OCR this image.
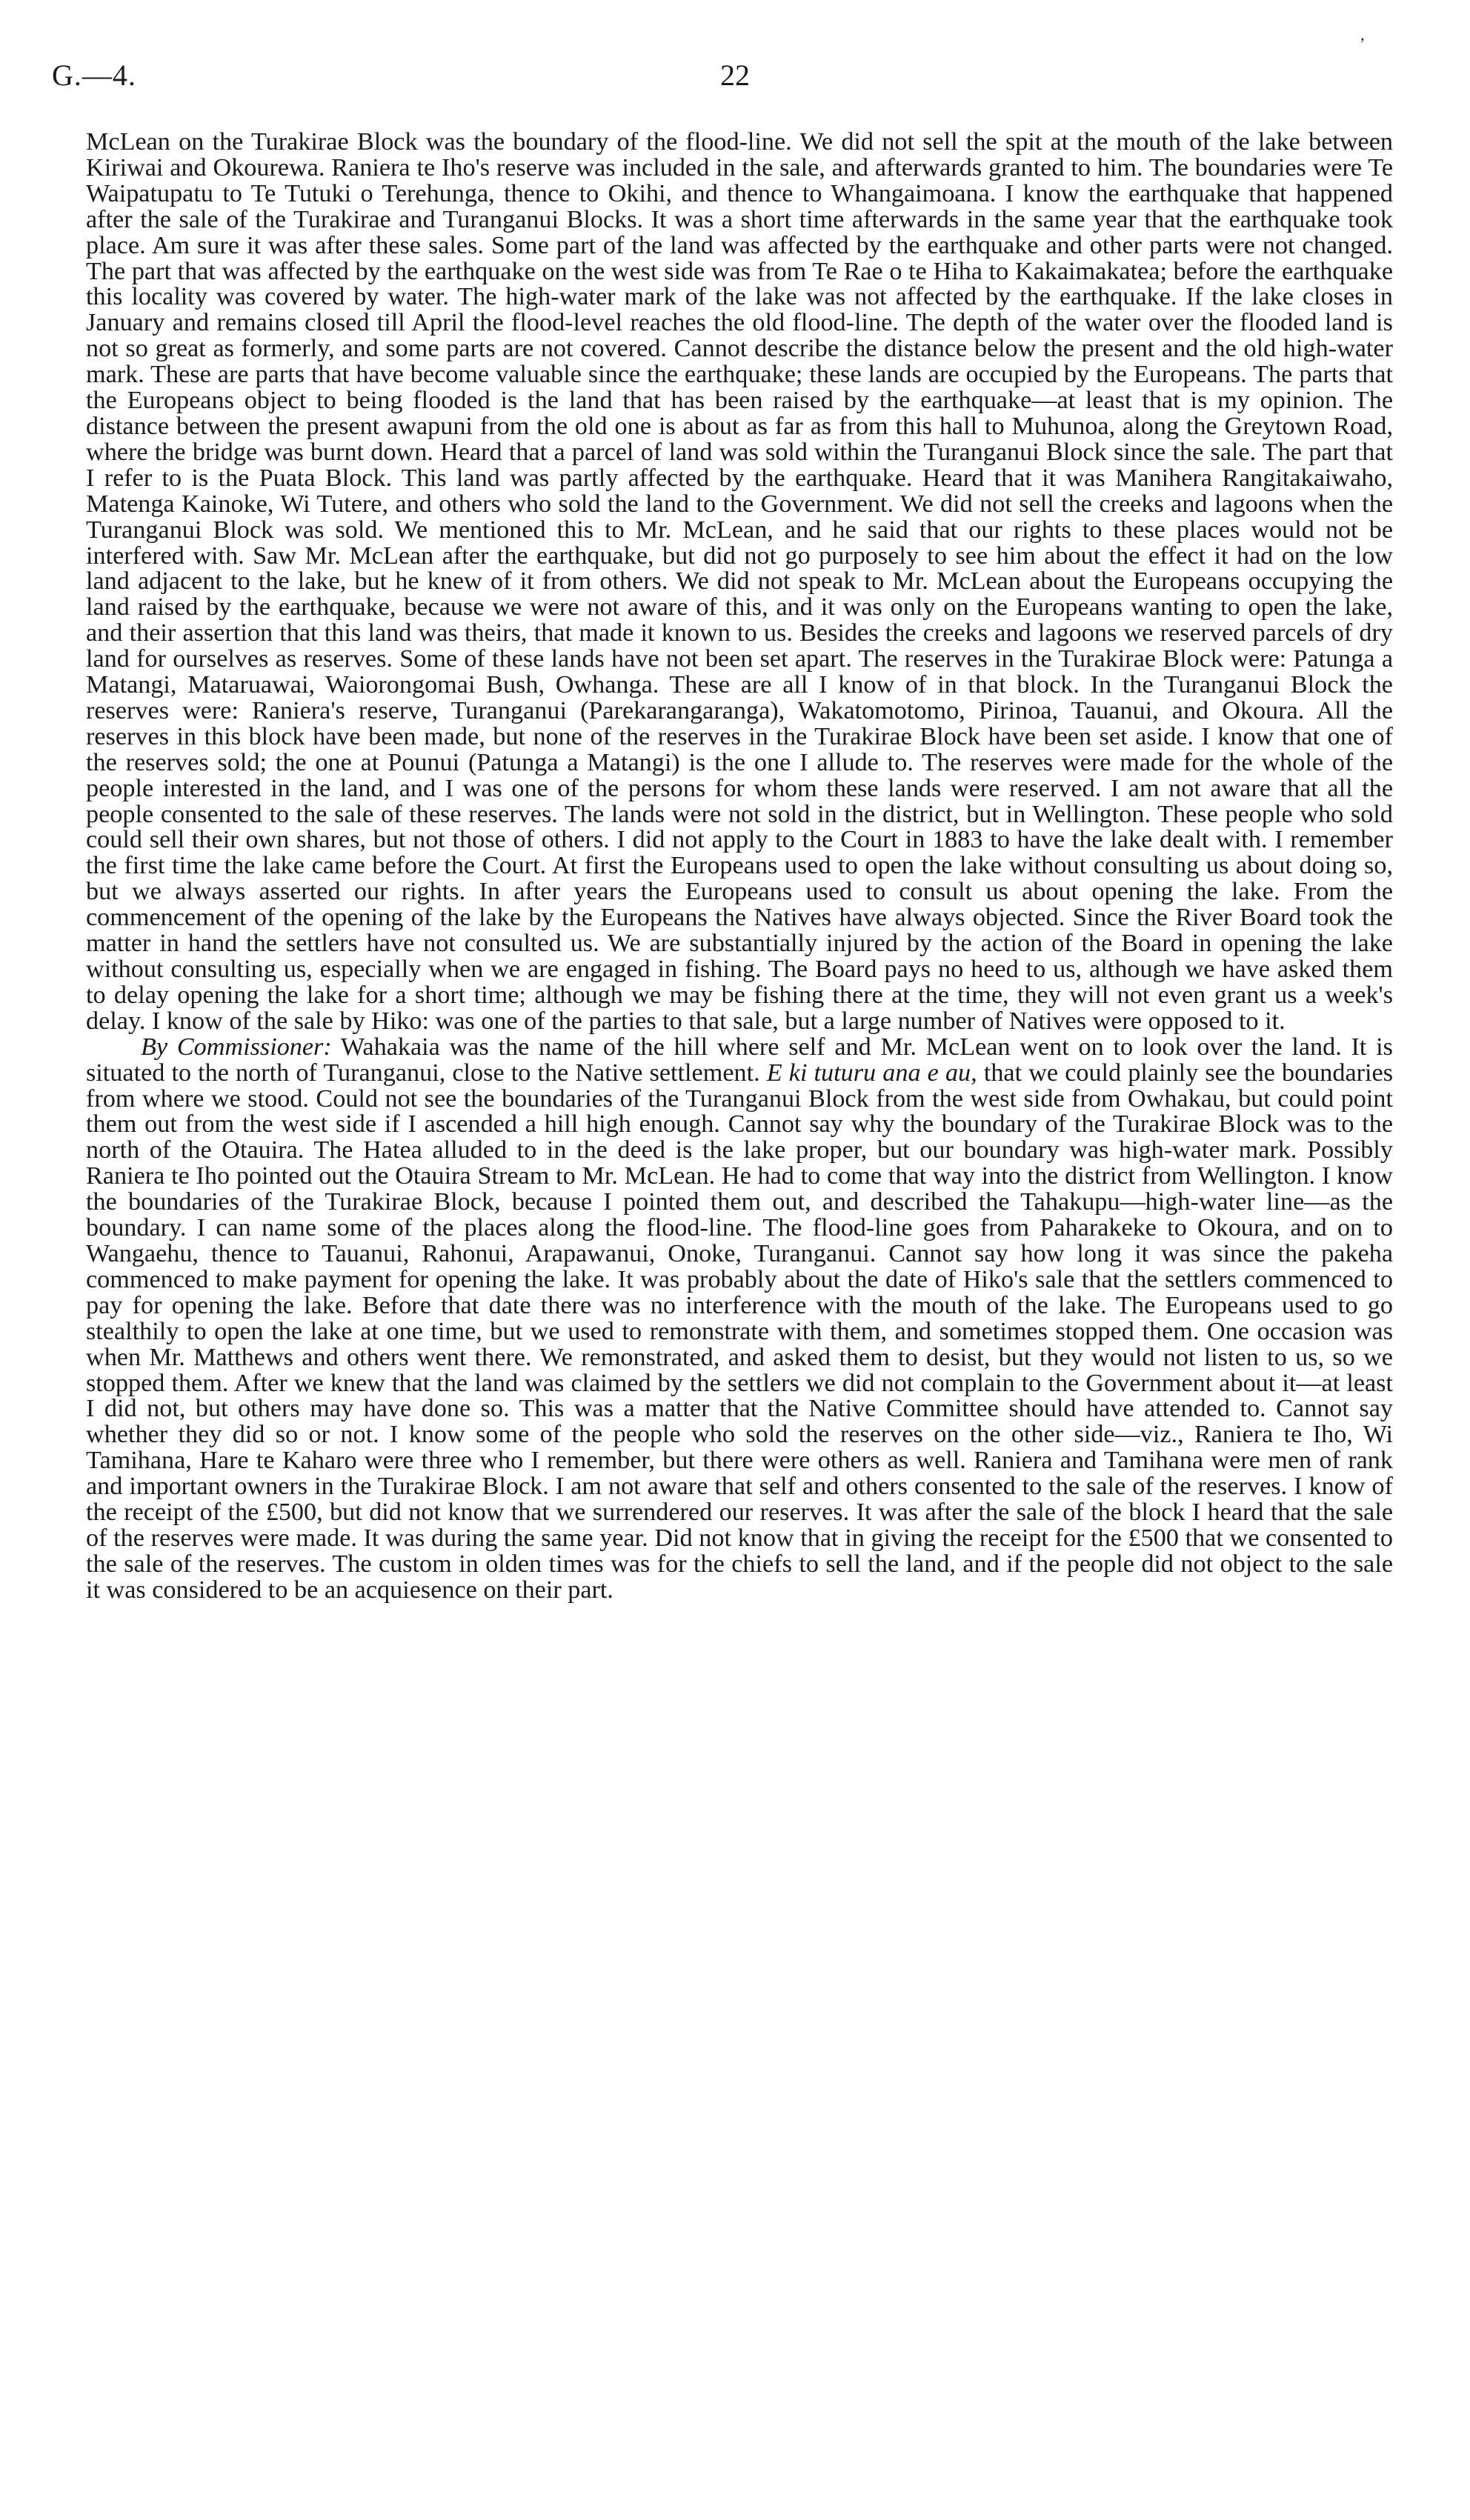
’
G.—4.	22

McLean on the Turakirae Block was the boundary of the flood-line. We did not sell the spit at the mouth of the lake between Kiriwai and Okourewa. Raniera te Iho's reserve was included in the sale, and afterwards granted to him. The boundaries were Te Waipatupatu to Te Tutuki o Terehunga, thence to Okihi, and thence to Whangaimoana. I know the earthquake that happened after the sale of the Turakirae and Turanganui Blocks. It was a short time afterwards in the same year that the earthquake took place. Am sure it was after these sales. Some part of the land was affected by the earthquake and other parts were not changed. The part that was affected by the earthquake on the west side was from Te Rae o te Hiha to Kakaimakatea; before the earthquake this locality was covered by water. The high-water mark of the lake was not affected by the earthquake. If the lake closes in January and remains closed till April the flood-level reaches the old flood-line. The depth of the water over the flooded land is not so great as formerly, and some parts are not covered. Cannot describe the distance below the present and the old high-water mark. These are parts that have become valuable since the earthquake; these lands are occupied by the Europeans. The parts that the Europeans object to being flooded is the land that has been raised by the earthquake—at least that is my opinion. The distance between the present awapuni from the old one is about as far as from this hall to Muhunoa, along the Greytown Road, where the bridge was burnt down. Heard that a parcel of land was sold within the Turanganui Block since the sale. The part that I refer to is the Puata Block. This land was partly affected by the earthquake. Heard that it was Manihera Rangitakaiwaho, Matenga Kainoke, Wi Tutere, and others who sold the land to the Government. We did not sell the creeks and lagoons when the Turanganui Block was sold. We mentioned this to Mr. McLean, and he said that our rights to these places would not be interfered with. Saw Mr. McLean after the earthquake, but did not go purposely to see him about the effect it had on the low land adjacent to the lake, but he knew of it from others. We did not speak to Mr. McLean about the Europeans occupying the land raised by the earthquake, because we were not aware of this, and it was only on the Europeans wanting to open the lake, and their assertion that this land was theirs, that made it known to us. Besides the creeks and lagoons we reserved parcels of dry land for ourselves as reserves. Some of these lands have not been set apart. The reserves in the Turakirae Block were: Patunga a Matangi, Mataruawai, Waiorongomai Bush, Owhanga. These are all I know of in that block. In the Turanganui Block the reserves were: Raniera's reserve, Turanganui (Parekarangaranga), Wakatomotomo, Pirinoa, Tauanui, and Okoura. All the reserves in this block have been made, but none of the reserves in the Turakirae Block have been set aside. I know that one of the reserves sold; the one at Pounui (Patunga a Matangi) is the one I allude to. The reserves were made for the whole of the people interested in the land, and I was one of the persons for whom these lands were reserved. I am not aware that all the people consented to the sale of these reserves. The lands were not sold in the district, but in Wellington. These people who sold could sell their own shares, but not those of others. I did not apply to the Court in 1883 to have the lake dealt with. I remember the first time the lake came before the Court. At first the Europeans used to open the lake without consulting us about doing so, but we always asserted our rights. In after years the Europeans used to consult us about opening the lake. From the commencement of the opening of the lake by the Europeans the Natives have always objected. Since the River Board took the matter in hand the settlers have not consulted us. We are substantially injured by the action of the Board in opening the lake without consulting us, especially when we are engaged in fishing. The Board pays no heed to us, although we have asked them to delay opening the lake for a short time; although we may be fishing there at the time, they will not even grant us a week's delay. I know of the sale by Hiko: was one of the parties to that sale, but a large number of Natives were opposed to it.

By Commissioner: Wahakaia was the name of the hill where self and Mr. McLean went on to look over the land. It is situated to the north of Turanganui, close to the Native settlement. E ki tuturu ana e au, that we could plainly see the boundaries from where we stood. Could not see the boundaries of the Turanganui Block from the west side from Owhakau, but could point them out from the west side if I ascended a hill high enough. Cannot say why the boundary of the Turakirae Block was to the north of the Otauira. The Hatea alluded to in the deed is the lake proper, but our boundary was high-water mark. Possibly Raniera te Iho pointed out the Otauira Stream to Mr. McLean. He had to come that way into the district from Wellington. I know the boundaries of the Turakirae Block, because I pointed them out, and described the Tahakupu—high-water line—as the boundary. I can name some of the places along the flood-line. The flood-line goes from Paharakeke to Okoura, and on to Wangaehu, thence to Tauanui, Rahonui, Arapawanui, Onoke, Turanganui. Cannot say how long it was since the pakeha commenced to make payment for opening the lake. It was probably about the date of Hiko's sale that the settlers commenced to pay for opening the lake. Before that date there was no interference with the mouth of the lake. The Europeans used to go stealthily to open the lake at one time, but we used to remonstrate with them, and sometimes stopped them. One occasion was when Mr. Matthews and others went there. We remonstrated, and asked them to desist, but they would not listen to us, so we stopped them. After we knew that the land was claimed by the settlers we did not complain to the Government about it—at least I did not, but others may have done so. This was a matter that the Native Committee should have attended to. Cannot say whether they did so or not. I know some of the people who sold the reserves on the other side—viz., Raniera te Iho, Wi Tamihana, Hare te Kaharo were three who I remember, but there were others as well. Raniera and Tamihana were men of rank and important owners in the Turakirae Block. I am not aware that self and others consented to the sale of the reserves. I know of the receipt of the £500, but did not know that we surrendered our reserves. It was after the sale of the block I heard that the sale of the reserves were made. It was during the same year. Did not know that in giving the receipt for the £500 that we consented to the sale of the reserves. The custom in olden times was for the chiefs to sell the land, and if the people did not object to the sale it was considered to be an acquiesence on their part.
